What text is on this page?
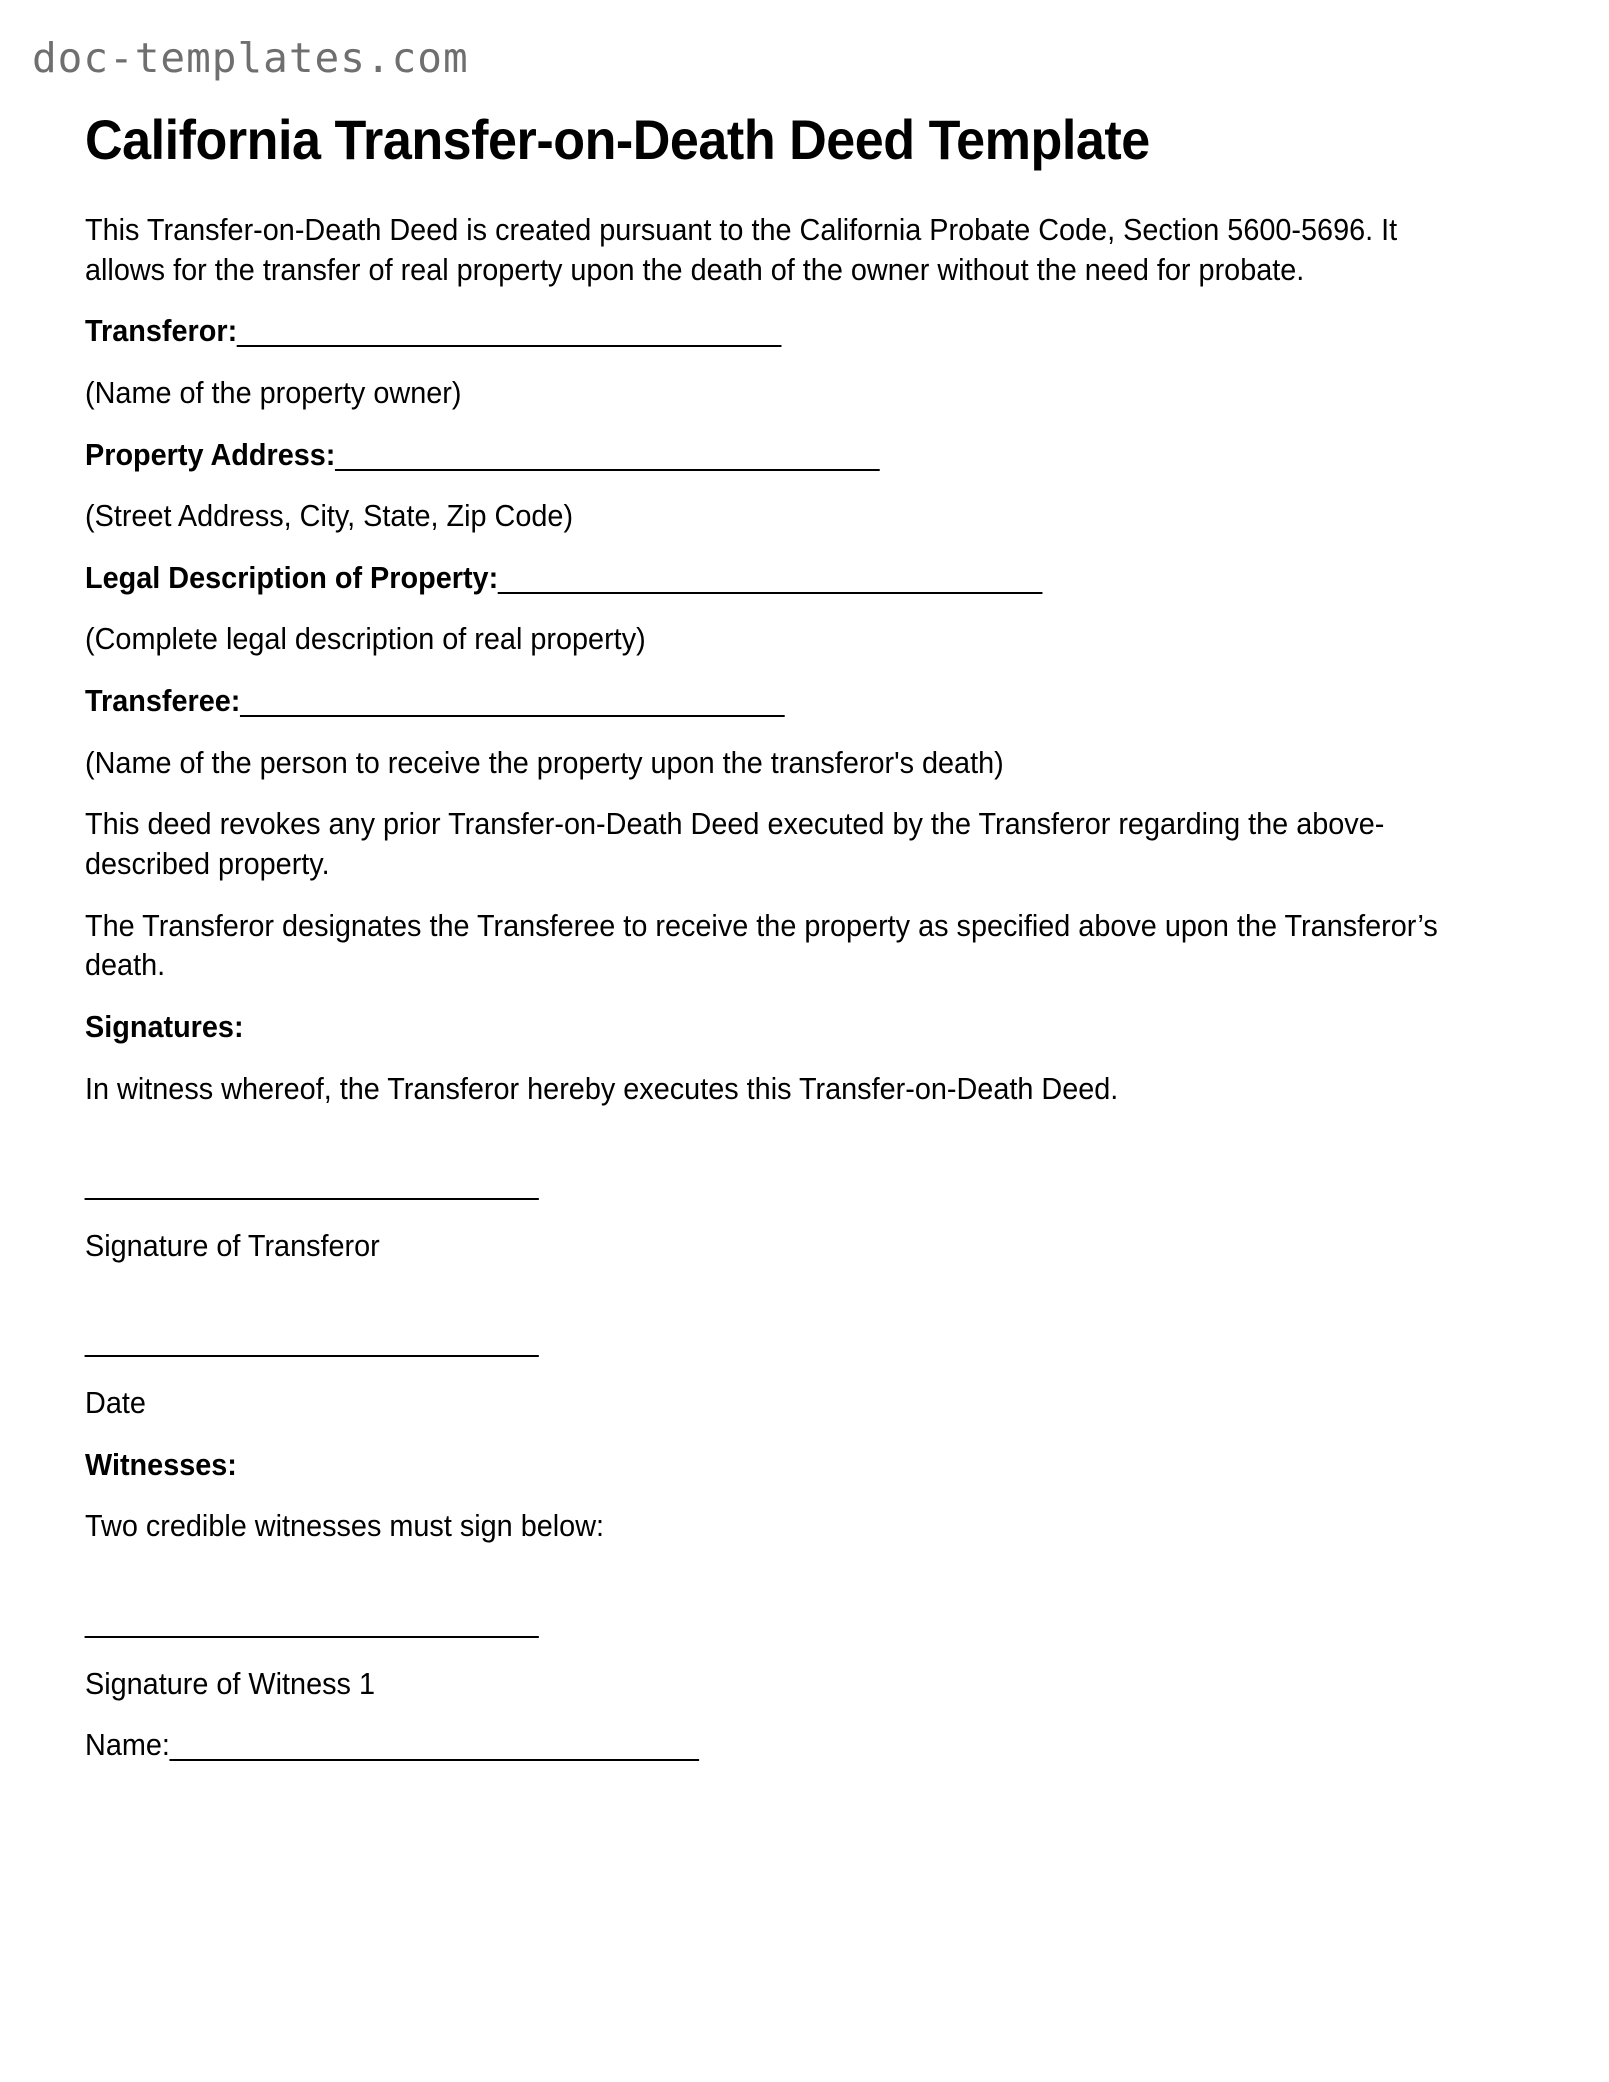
doc-templates.com
California Transfer-on-Death Deed Template

This Transfer-on-Death Deed is created pursuant to the California Probate Code, Section 5600-5696. It allows for the transfer of real property upon the death of the owner without the need for probate.

Transferor:____________________________________

(Name of the property owner)

Property Address:____________________________________

(Street Address, City, State, Zip Code)

Legal Description of Property:____________________________________

(Complete legal description of real property)

Transferee:____________________________________

(Name of the person to receive the property upon the transferor's death)

This deed revokes any prior Transfer-on-Death Deed executed by the Transferor regarding the above-described property.

The Transferor designates the Transferee to receive the property as specified above upon the Transferor’s death.

Signatures:

In witness whereof, the Transferor hereby executes this Transfer-on-Death Deed.

______________________________

Signature of Transferor

______________________________

Date

Witnesses:

Two credible witnesses must sign below:

______________________________

Signature of Witness 1

Name:___________________________________
